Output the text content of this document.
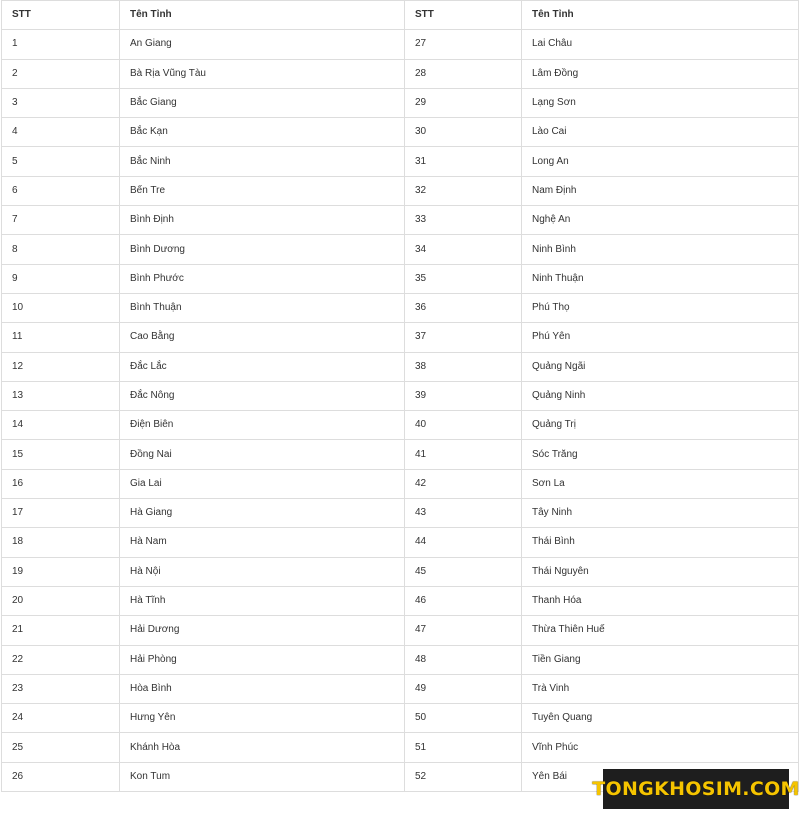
STT	Tên Tỉnh	STT	Tên Tỉnh
1	An Giang	27	Lai Châu
2	Bà Rịa Vũng Tàu	28	Lâm Đồng
3	Bắc Giang	29	Lạng Sơn
4	Bắc Kạn	30	Lào Cai
5	Bắc Ninh	31	Long An
6	Bến Tre	32	Nam Định
7	Bình Định	33	Nghệ An
8	Bình Dương	34	Ninh Bình
9	Bình Phước	35	Ninh Thuận
10	Bình Thuận	36	Phú Thọ
11	Cao Bằng	37	Phú Yên
12	Đắc Lắc	38	Quảng Ngãi
13	Đắc Nông	39	Quảng Ninh
14	Điện Biên	40	Quảng Trị
15	Đồng Nai	41	Sóc Trăng
16	Gia Lai	42	Sơn La
17	Hà Giang	43	Tây Ninh
18	Hà Nam	44	Thái Bình
19	Hà Nội	45	Thái Nguyên
20	Hà Tĩnh	46	Thanh Hóa
21	Hải Dương	47	Thừa Thiên Huế
22	Hải Phòng	48	Tiền Giang
23	Hòa Bình	49	Trà Vinh
24	Hưng Yên	50	Tuyên Quang
25	Khánh Hòa	51	Vĩnh Phúc
26	Kon Tum	52	Yên Bái
TONGKHOSIM.COM
